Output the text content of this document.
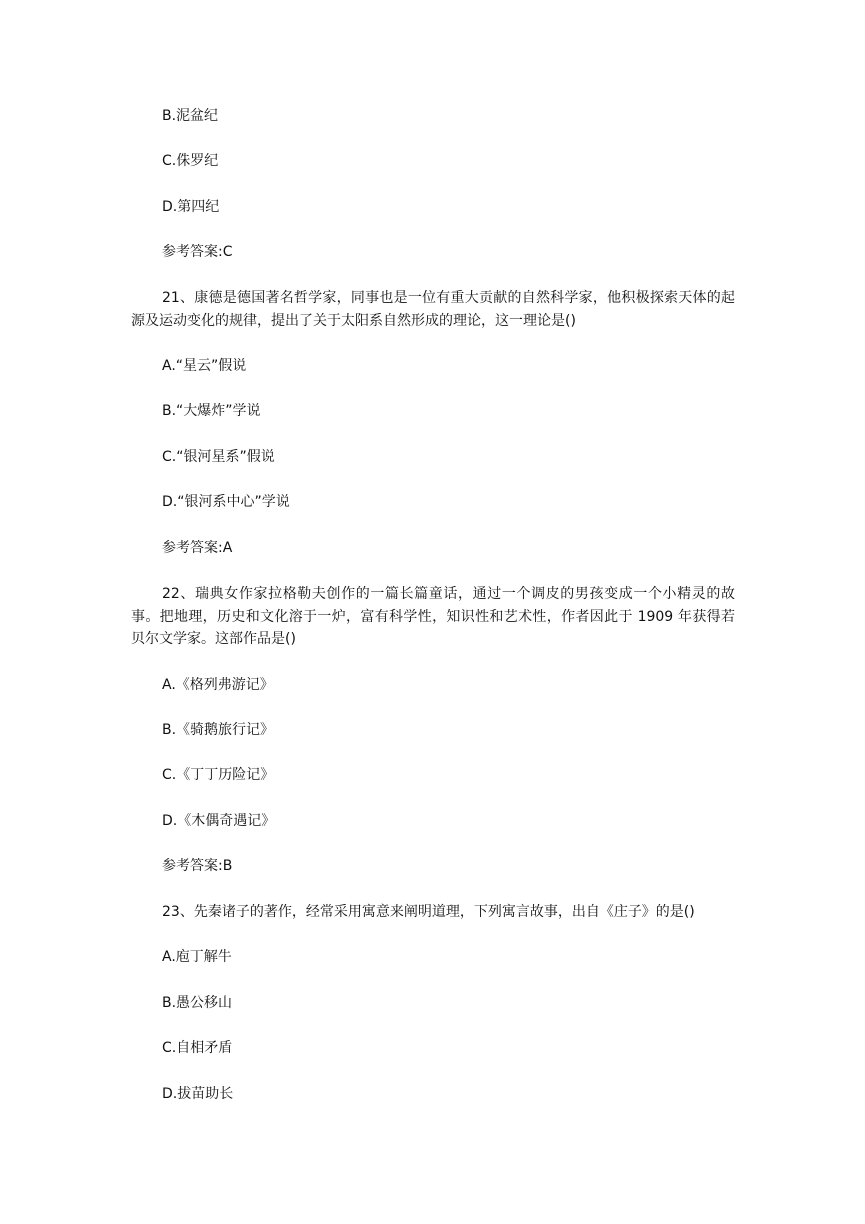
B.泥盆纪
C.侏罗纪
D.第四纪
参考答案:C
21、康德是德国著名哲学家，同事也是一位有重大贡献的自然科学家，他积极探索天体的起源及运动变化的规律，提出了关于太阳系自然形成的理论，这一理论是()
A.“星云”假说
B.“大爆炸”学说
C.“银河星系”假说
D.“银河系中心”学说
参考答案:A
22、瑞典女作家拉格勒夫创作的一篇长篇童话，通过一个调皮的男孩变成一个小精灵的故事。把地理，历史和文化溶于一炉，富有科学性，知识性和艺术性，作者因此于 1909 年获得若贝尔文学家。这部作品是()
A.《格列弗游记》
B.《骑鹅旅行记》
C.《丁丁历险记》
D.《木偶奇遇记》
参考答案:B
23、先秦诸子的著作，经常采用寓意来阐明道理，下列寓言故事，出自《庄子》的是()
A.庖丁解牛
B.愚公移山
C.自相矛盾
D.拔苗助长
